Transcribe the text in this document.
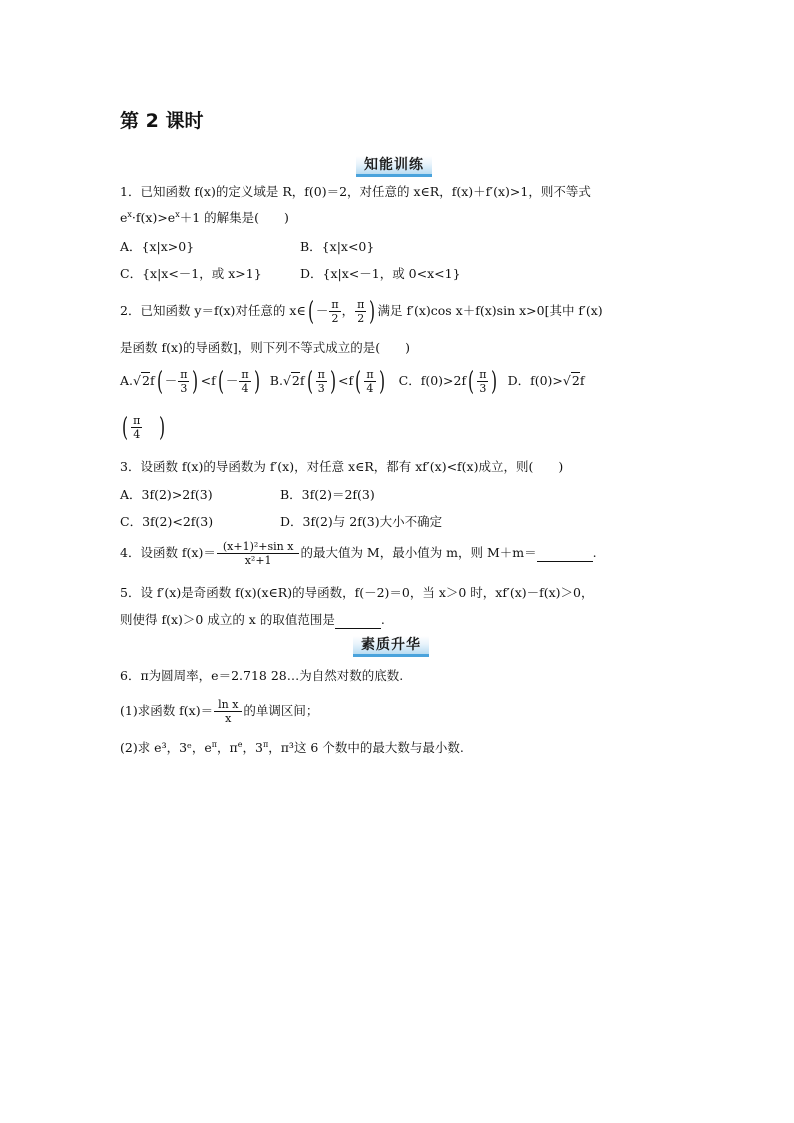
第 2 课时
知能训练
1．已知函数 f(x)的定义域是 R，f(0)＝2，对任意的 x∈R，f(x)＋f′(x)>1，则不等式
$e^x\cdot f(x)>e^x+1$ 的解集是(　　)
A．{x|x>0}	B．{x|x<0}
C．{x|x<－1，或 x>1}	D．{x|x<－1，或 0<x<1}
2．已知函数 y＝f(x)对任意的 x∈( － $\frac{\pi}{2}$ ， $\frac{\pi}{2}$ ) 满足 f′(x)cos x＋f(x)sin x>0[其中 f′(x)
是函数 f(x)的导函数]，则下列不等式成立的是(　　)
$A.√2f( - \frac{\pi}{3}$ ) $<f( - \frac{\pi}{4}$ ) $B.√2f( \frac{\pi}{3}$ ) $<f( \frac{\pi}{4}$ ) C．$f(0)>2f( \frac{\pi}{3}$ ) D．f(0)>√2f
( $\frac{\pi}{4}$ )
3．设函数 f(x)的导函数为 f′(x)，对任意 x∈R，都有 xf′(x)<f(x)成立，则(　　)
A．3f(2)>2f(3)	B．3f(2)＝2f(3)
C．3f(2)<2f(3)	D．3f(2)与 2f(3)大小不确定
4．设函数 $f(x)= \frac{\text{(x+1)²+sin x}}{\text{x²+1}}$ 的最大值为 M，最小值为 m，则 M＋m＝	.
5．设 f′(x)是奇函数 f(x)(x∈R)的导函数，f(－2)＝0，当 x＞0 时，xf′(x)－f(x)＞0，
则使得 f(x)＞0 成立的 x 的取值范围是	.
素质升华
6．π为圆周率，e＝2.718 28…为自然对数的底数.
(1)求函数 $f(x)= \frac{\text{ln x}}{x}$ 的单调区间；
(2)求 e³，3ᵉ，$e^\pi$，$\pi^e$，$3^\pi$，π³这 6 个数中的最大数与最小数.
